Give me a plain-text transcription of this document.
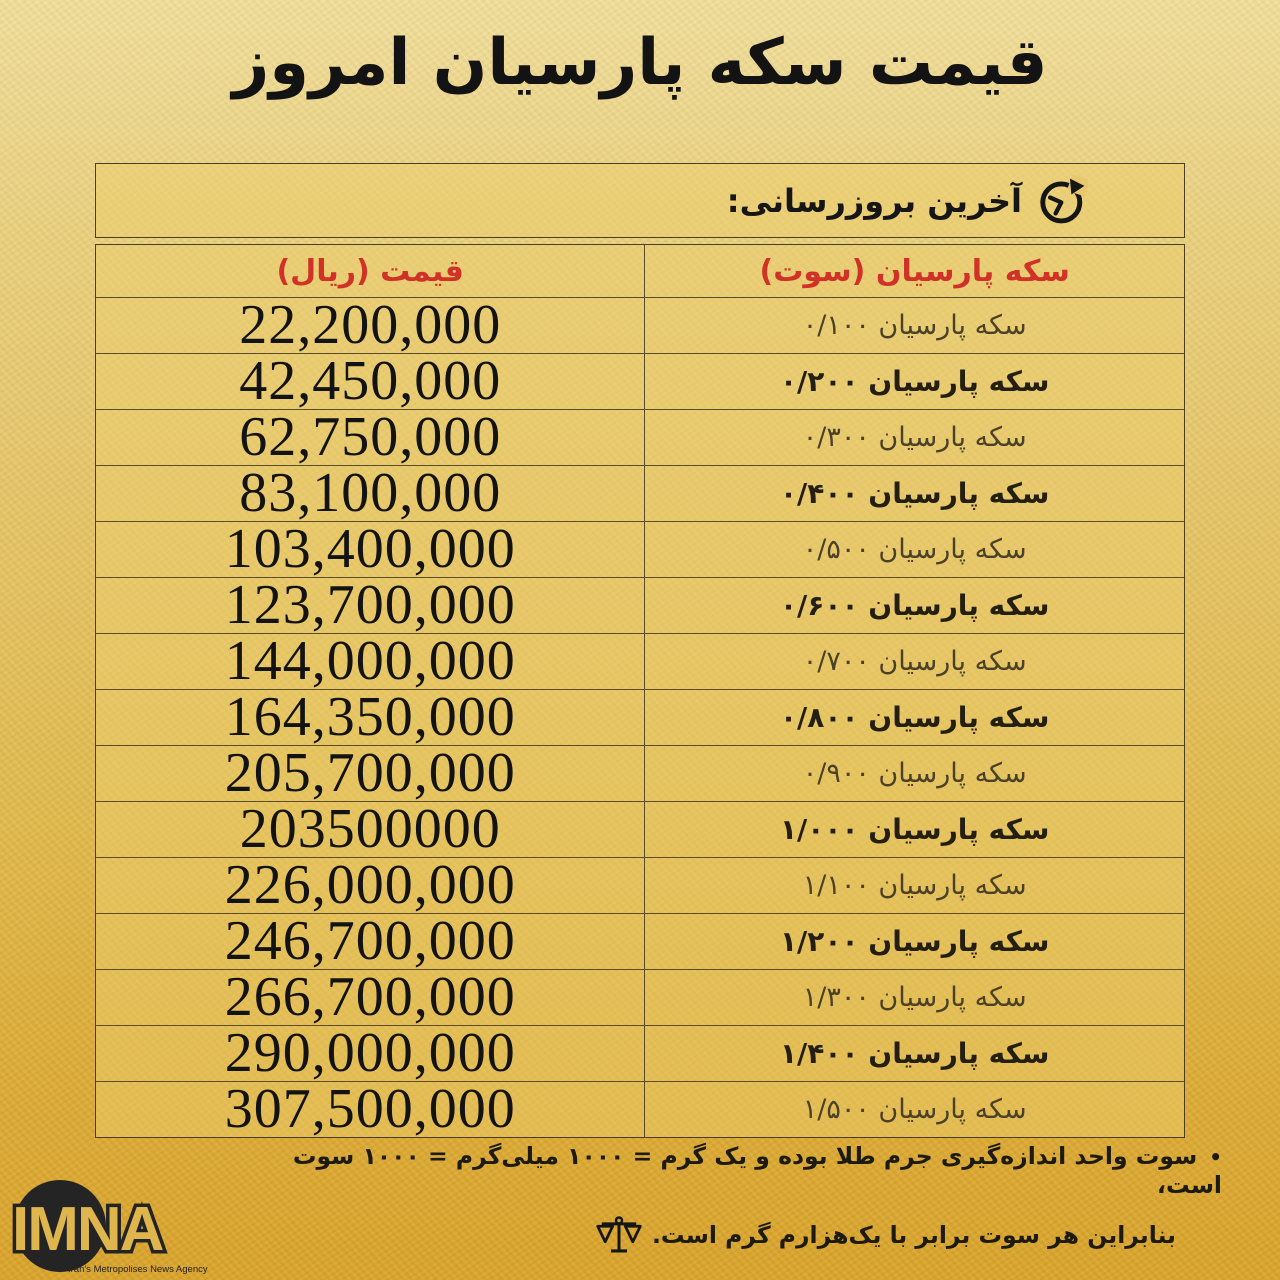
قیمت سکه پارسیان امروز
آخرین بروزرسانی:
سکه پارسیان (سوت)
قیمت (ریال)
سکه پارسیان ۰/۱۰۰
22,200,000
سکه پارسیان ۰/۲۰۰
42,450,000
سکه پارسیان ۰/۳۰۰
62,750,000
سکه پارسیان ۰/۴۰۰
83,100,000
سکه پارسیان ۰/۵۰۰
103,400,000
سکه پارسیان ۰/۶۰۰
123,700,000
سکه پارسیان ۰/۷۰۰
144,000,000
سکه پارسیان ۰/۸۰۰
164,350,000
سکه پارسیان ۰/۹۰۰
205,700,000
سکه پارسیان ۱/۰۰۰
203500000
سکه پارسیان ۱/۱۰۰
226,000,000
سکه پارسیان ۱/۲۰۰
246,700,000
سکه پارسیان ۱/۳۰۰
266,700,000
سکه پارسیان ۱/۴۰۰
290,000,000
سکه پارسیان ۱/۵۰۰
307,500,000
•سوت واحد اندازه‌گیری جرم طلا بوده و یک گرم = ۱۰۰۰ میلی‌گرم = ۱۰۰۰ سوت است،
بنابراین هر سوت برابر با یک‌هزارم گرم است.
IMNA
Iran's Metropolises News Agency
